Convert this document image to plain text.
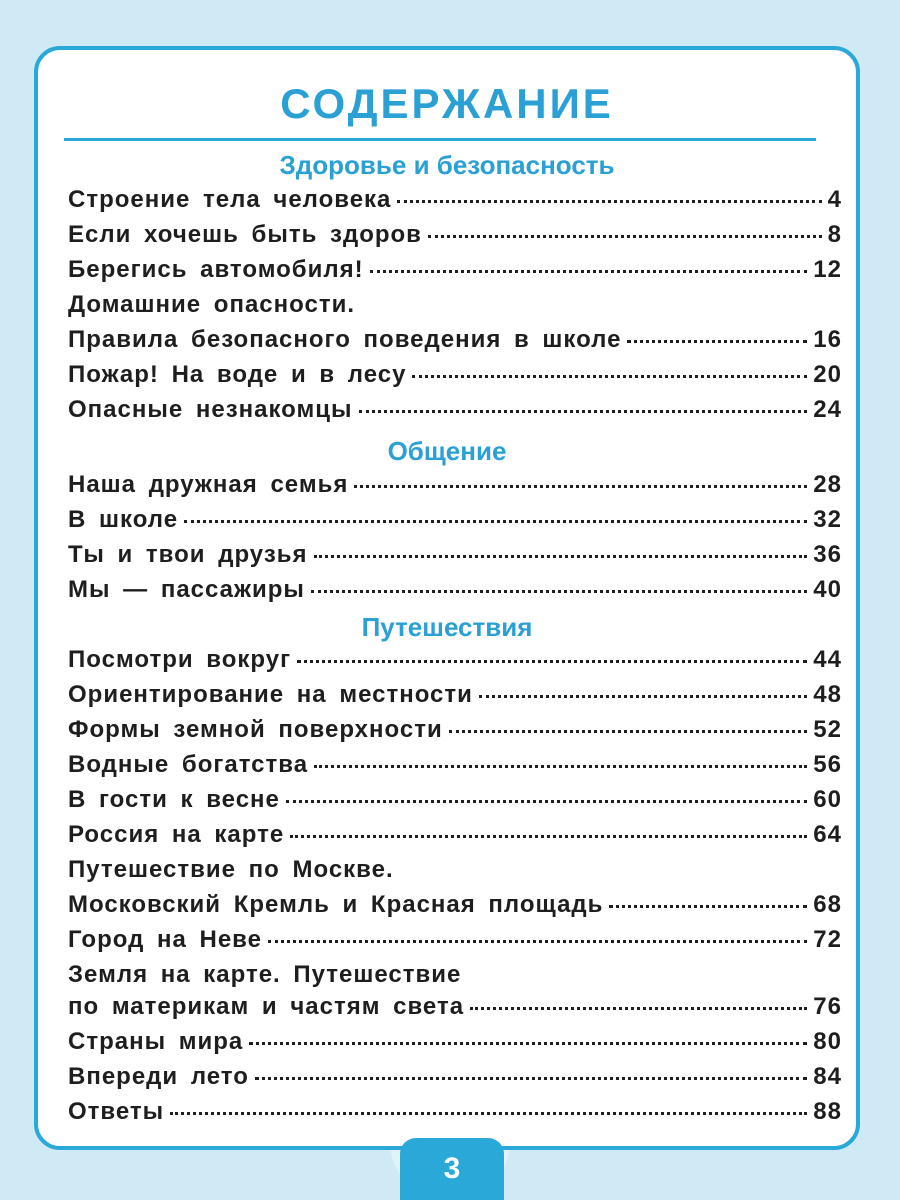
СОДЕРЖАНИЕ
Здоровье и безопасность
Строение тела человека	4
Если хочешь быть здоров	8
Берегись автомобиля!	12
Домашние опасности.
Правила безопасного поведения в школе	16
Пожар! На воде и в лесу	20
Опасные незнакомцы	24
Общение
Наша дружная семья	28
В школе	32
Ты и твои друзья	36
Мы — пассажиры	40
Путешествия
Посмотри вокруг	44
Ориентирование на местности	48
Формы земной поверхности	52
Водные богатства	56
В гости к весне	60
Россия на карте	64
Путешествие по Москве.
Московский Кремль и Красная площадь	68
Город на Неве	72
Земля на карте. Путешествие
по материкам и частям света	76
Страны мира	80
Впереди лето	84
Ответы	88
3
